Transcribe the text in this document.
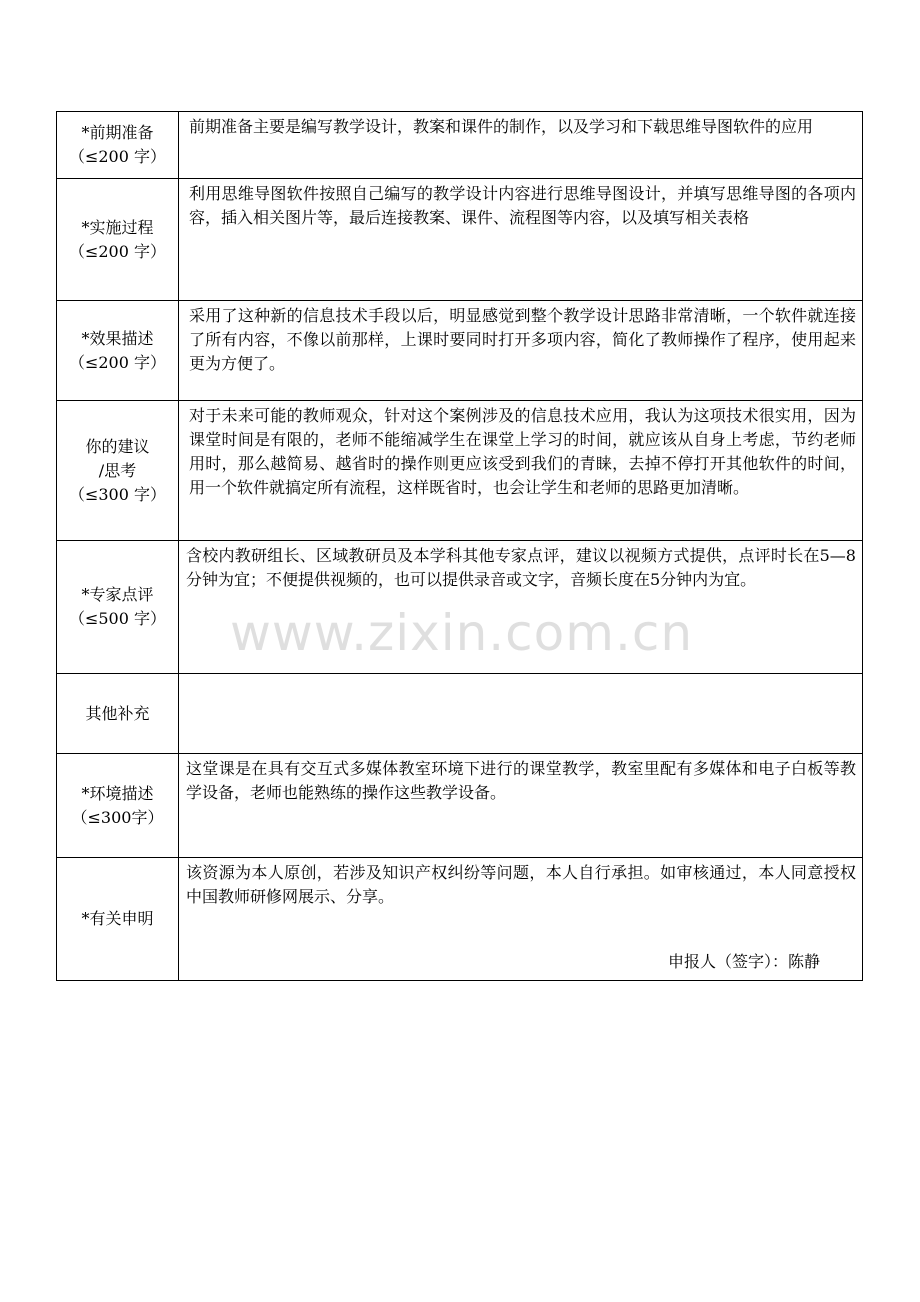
*前期准备
（≤200 字）	前期准备主要是编写教学设计，教案和课件的制作，以及学习和下载思维导图软件的应用

*实施过程
（≤200 字）	利用思维导图软件按照自己编写的教学设计内容进行思维导图设计，并填写思维导图的各项内容，插入相关图片等，最后连接教案、课件、流程图等内容，以及填写相关表格

*效果描述
（≤200 字）	采用了这种新的信息技术手段以后，明显感觉到整个教学设计思路非常清晰，一个软件就连接了所有内容，不像以前那样，上课时要同时打开多项内容，简化了教师操作了程序，使用起来更为方便了。

你的建议
/思考
（≤300 字）	对于未来可能的教师观众，针对这个案例涉及的信息技术应用，我认为这项技术很实用，因为课堂时间是有限的，老师不能缩减学生在课堂上学习的时间，就应该从自身上考虑，节约老师用时，那么越简易、越省时的操作则更应该受到我们的青睐，去掉不停打开其他软件的时间，用一个软件就搞定所有流程，这样既省时，也会让学生和老师的思路更加清晰。

*专家点评
（≤500 字）	含校内教研组长、区域教研员及本学科其他专家点评，建议以视频方式提供，点评时长在5—8分钟为宜；不便提供视频的，也可以提供录音或文字，音频长度在5分钟内为宜。

其他补充	

*环境描述
（≤300字）	这堂课是在具有交互式多媒体教室环境下进行的课堂教学，教室里配有多媒体和电子白板等教学设备，老师也能熟练的操作这些教学设备。

*有关申明	该资源为本人原创，若涉及知识产权纠纷等问题，本人自行承担。如审核通过，本人同意授权中国教师研修网展示、分享。
申报人（签字）：陈静
www.zixin.com.cn
